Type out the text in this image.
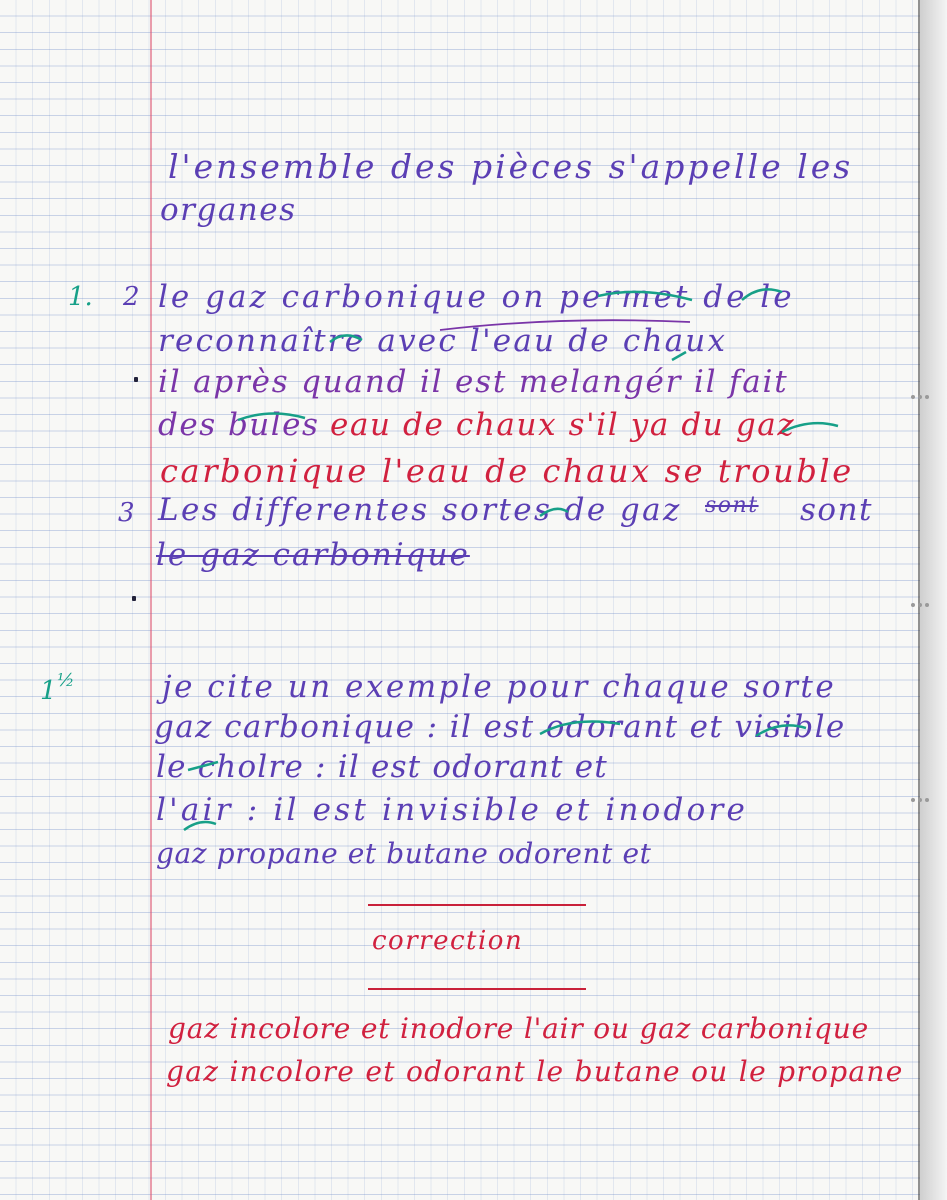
l'ensemble des pièces s'appelle les
organes
1. 2 le gaz carbonique on permet de le
reconnaître avec l'eau de chaux
il après quand il est melangér il fait
des bules eau de chaux s'il ya du gaz
carbonique l'eau de chaux se trouble
3 Les differentes sortes de gaz sont sont
le gaz carbonique
1 ½	je cite un exemple pour chaque sorte
gaz carbonique : il est odorant et visible
le cholre : il est odorant et
l'air : il est invisible et inodore
gaz propane et butane odorent et
correction
gaz incolore et inodore l'air ou gaz carbonique
gaz incolore et odorant le butane ou le propane
